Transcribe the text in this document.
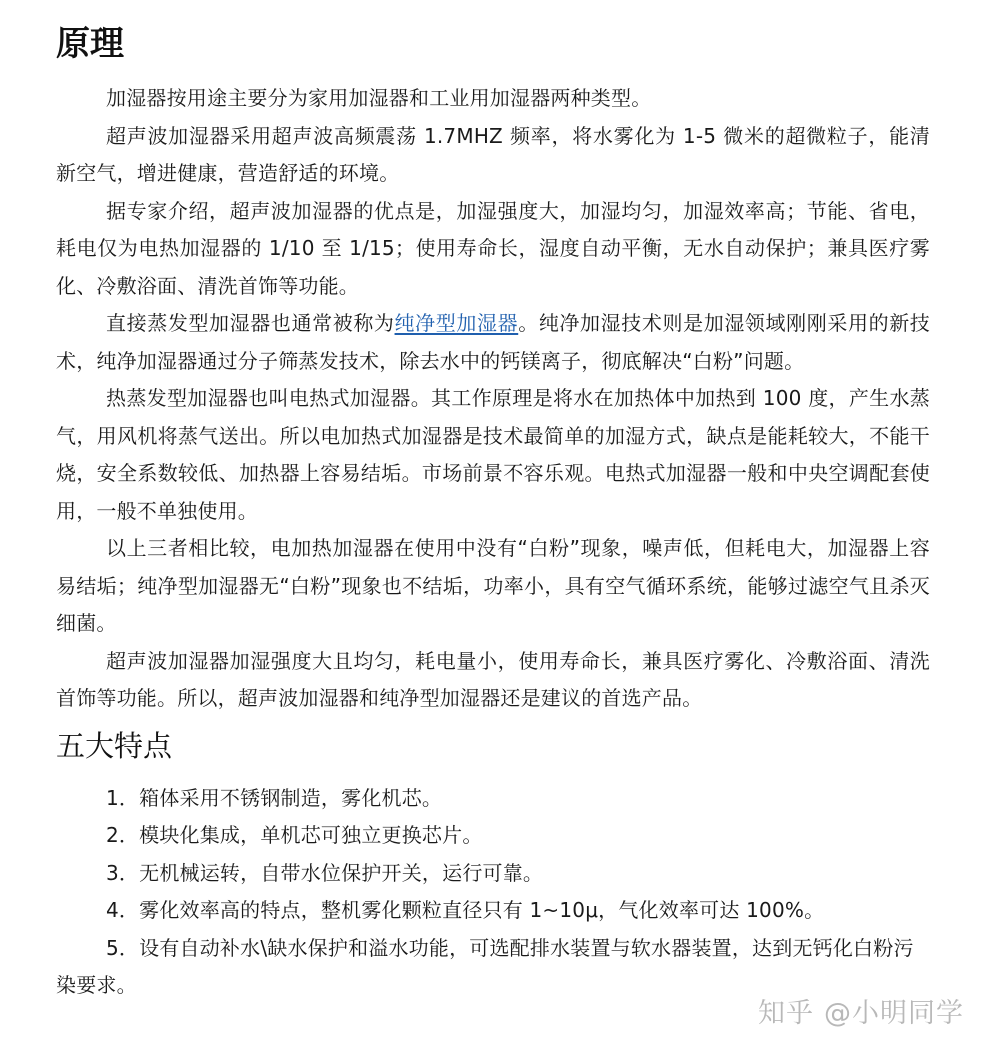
原理

加湿器按用途主要分为家用加湿器和工业用加湿器两种类型。

超声波加湿器采用超声波高频震荡 1.7MHZ 频率，将水雾化为 1-5 微米的超微粒子，能清新空气，增进健康，营造舒适的环境。

据专家介绍，超声波加湿器的优点是，加湿强度大，加湿均匀，加湿效率高；节能、省电，耗电仅为电热加湿器的 1/10 至 1/15；使用寿命长，湿度自动平衡，无水自动保护；兼具医疗雾化、冷敷浴面、清洗首饰等功能。

直接蒸发型加湿器也通常被称为纯净型加湿器。纯净加湿技术则是加湿领域刚刚采用的新技术，纯净加湿器通过分子筛蒸发技术，除去水中的钙镁离子，彻底解决“白粉”问题。

热蒸发型加湿器也叫电热式加湿器。其工作原理是将水在加热体中加热到 100 度，产生水蒸气，用风机将蒸气送出。所以电加热式加湿器是技术最简单的加湿方式，缺点是能耗较大，不能干烧，安全系数较低、加热器上容易结垢。市场前景不容乐观。电热式加湿器一般和中央空调配套使用，一般不单独使用。

以上三者相比较，电加热加湿器在使用中没有“白粉”现象，噪声低，但耗电大，加湿器上容易结垢；纯净型加湿器无“白粉”现象也不结垢，功率小，具有空气循环系统，能够过滤空气且杀灭细菌。

超声波加湿器加湿强度大且均匀，耗电量小，使用寿命长，兼具医疗雾化、冷敷浴面、清洗首饰等功能。所以，超声波加湿器和纯净型加湿器还是建议的首选产品。

五大特点
1．箱体采用不锈钢制造，雾化机芯。
2．模块化集成，单机芯可独立更换芯片。
3．无机械运转，自带水位保护开关，运行可靠。
4．雾化效率高的特点，整机雾化颗粒直径只有 1~10μ，气化效率可达 100%。
5．设有自动补水\缺水保护和溢水功能，可选配排水装置与软水器装置，达到无钙化白粉污染要求。
知乎 @小明同学
